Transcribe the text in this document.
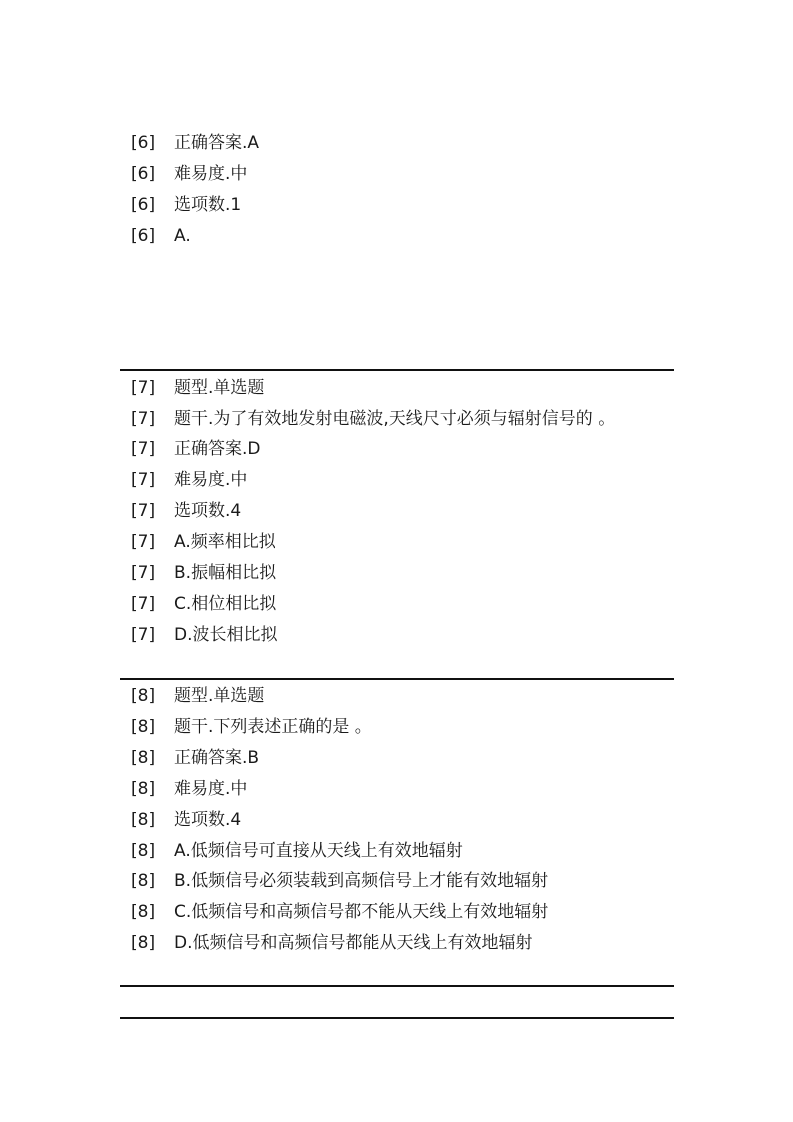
[6] 正确答案.A
[6] 难易度.中
[6] 选项数.1
[6] A.
[7] 题型.单选题
[7] 题干.为了有效地发射电磁波,天线尺寸必须与辐射信号的 。
[7] 正确答案.D
[7] 难易度.中
[7] 选项数.4
[7] A.频率相比拟
[7] B.振幅相比拟
[7] C.相位相比拟
[7] D.波长相比拟
[8] 题型.单选题
[8] 题干.下列表述正确的是 。
[8] 正确答案.B
[8] 难易度.中
[8] 选项数.4
[8] A.低频信号可直接从天线上有效地辐射
[8] B.低频信号必须装载到高频信号上才能有效地辐射
[8] C.低频信号和高频信号都不能从天线上有效地辐射
[8] D.低频信号和高频信号都能从天线上有效地辐射
